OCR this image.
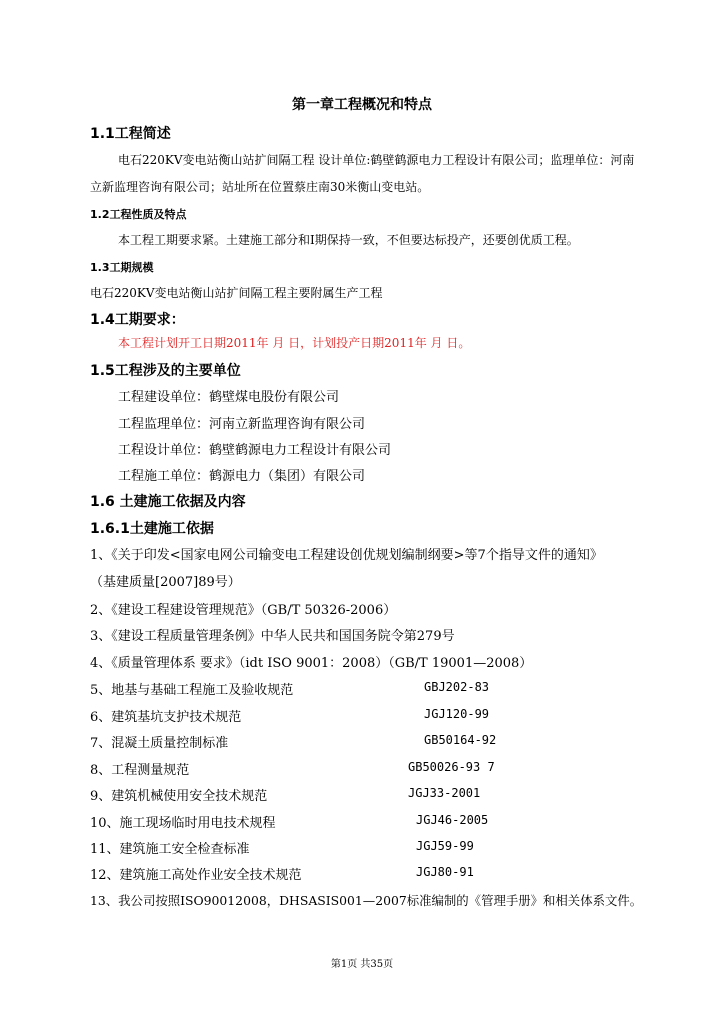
第一章工程概况和特点
1.1工程简述
电石220KV变电站衡山站扩间隔工程 设计单位:鹤壁鹤源电力工程设计有限公司；监理单位：河南
立新监理咨询有限公司；站址所在位置蔡庄南30米衡山变电站。
1.2工程性质及特点
本工程工期要求紧。土建施工部分和I期保持一致，不但要达标投产，还要创优质工程。
1.3工期规模
电石220KV变电站衡山站扩间隔工程主要附属生产工程
1.4工期要求：
本工程计划开工日期2011年 月 日，计划投产日期2011年 月 日。
1.5工程涉及的主要单位
工程建设单位：鹤壁煤电股份有限公司
工程监理单位：河南立新监理咨询有限公司
工程设计单位：鹤壁鹤源电力工程设计有限公司
工程施工单位：鹤源电力（集团）有限公司
1.6 土建施工依据及内容
1.6.1土建施工依据
1、《关于印发<国家电网公司输变电工程建设创优规划编制纲要>等7个指导文件的通知》
（基建质量[2007]89号）
2、《建设工程建设管理规范》（GB/T 50326-2006）
3、《建设工程质量管理条例》中华人民共和国国务院令第279号
4、《质量管理体系 要求》（idt ISO 9001：2008）（GB/T 19001—2008）
5、地基与基础工程施工及验收规范	GBJ202-83
6、建筑基坑支护技术规范	JGJ120-99
7、混凝土质量控制标准	GB50164-92
8、工程测量规范	GB50026-93 7
9、建筑机械使用安全技术规范	JGJ33-2001
10、施工现场临时用电技术规程	JGJ46-2005
11、建筑施工安全检查标准	JGJ59-99
12、建筑施工高处作业安全技术规范	JGJ80-91
13、我公司按照ISO90012008，DHSASIS001—2007标准编制的《管理手册》和相关体系文件。
第1页 共35页
